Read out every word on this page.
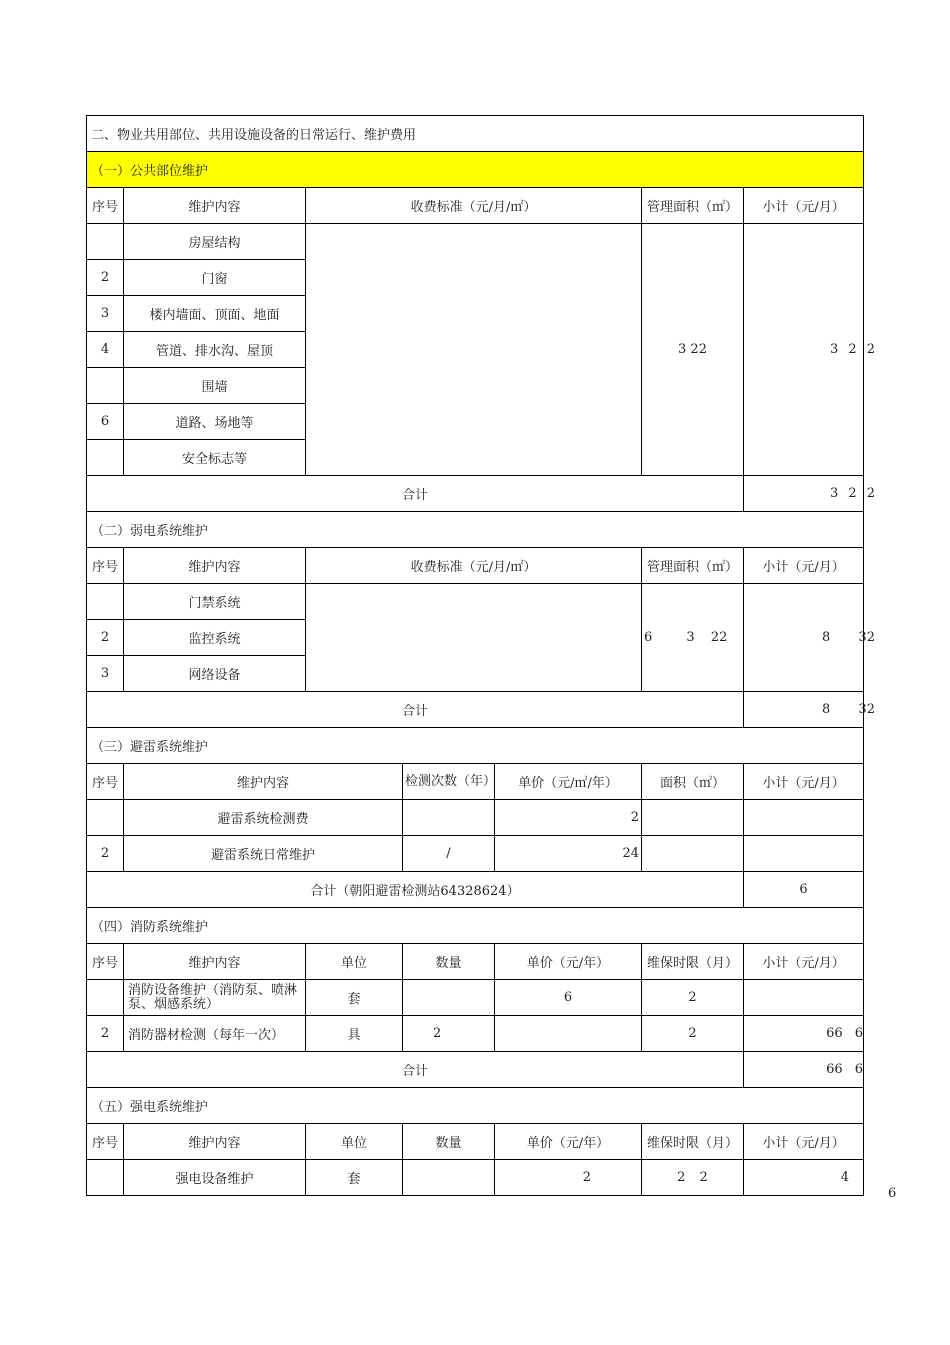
二、物业共用部位、共用设施设备的日常运行、维护费用						
（一）公共部位维护						
序号	维护内容	收费标准（元/月/㎡）			管理面积（㎡）	小计（元/月）
	房屋结构				3 22	3 2 2
2	门窗					
3	楼内墙面、顶面、地面					
4	管道、排水沟、屋顶					
	围墙					
6	道路、场地等					
	安全标志等					
合计						3 2 2
（二）弱电系统维护						
序号	维护内容	收费标准（元/月/㎡）			管理面积（㎡）	小计（元/月）
	门禁系统				6 3 22	8 32
2	监控系统					
3	网络设备					
合计						8 32
（三）避雷系统维护						
序号	维护内容		检测次数（年）	单价（元/㎡/年）	面积（㎡）	小计（元/月）
	避雷系统检测费			2		
2	避雷系统日常维护		/	24		
合计（朝阳避雷检测站64328624）						6
（四）消防系统维护						
序号	维护内容	单位	数量	单价（元/年）	维保时限（月）	小计（元/月）
	消防设备维护（消防泵、喷淋泵、烟感系统）	套		6	2	
2	消防器材检测（每年一次）	具	2		2	66 6
合计						66 6
（五）强电系统维护						
序号	维护内容	单位	数量	单价（元/年）	维保时限（月）	小计（元/月）
	强电设备维护	套		2	2 2	4
6
